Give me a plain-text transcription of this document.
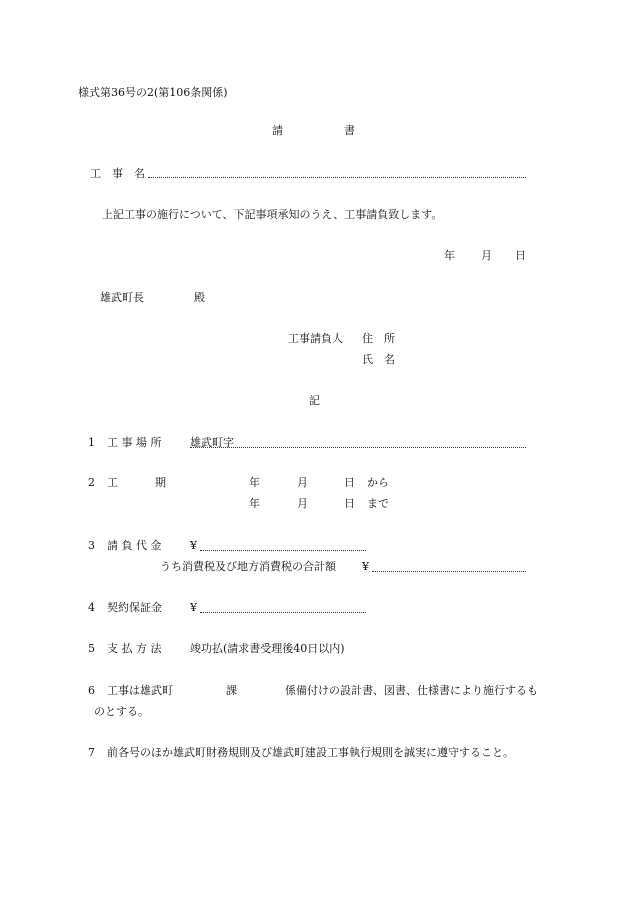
様式第36号の2(第106条関係)
請	書
工　事　名
上記工事の施行について、下記事項承知のうえ、工事請負致します。
年 月 日
雄武町長	殿
工事請負人 住　所
氏　名
記
1 工 事 場 所	雄武町字
2 工	期	年	月	日 から
年	月	日 まで
3 請 負 代 金	¥
うち消費税及び地方消費税の合計額 ¥
4 契約保証金	¥
5 支 払 方 法	竣功払(請求書受理後40日以内)
6 工事は雄武町	課	係備付けの設計書、図書、仕様書により施行するも
のとする。
7 前各号のほか雄武町財務規則及び雄武町建設工事執行規則を誠実に遵守すること。
